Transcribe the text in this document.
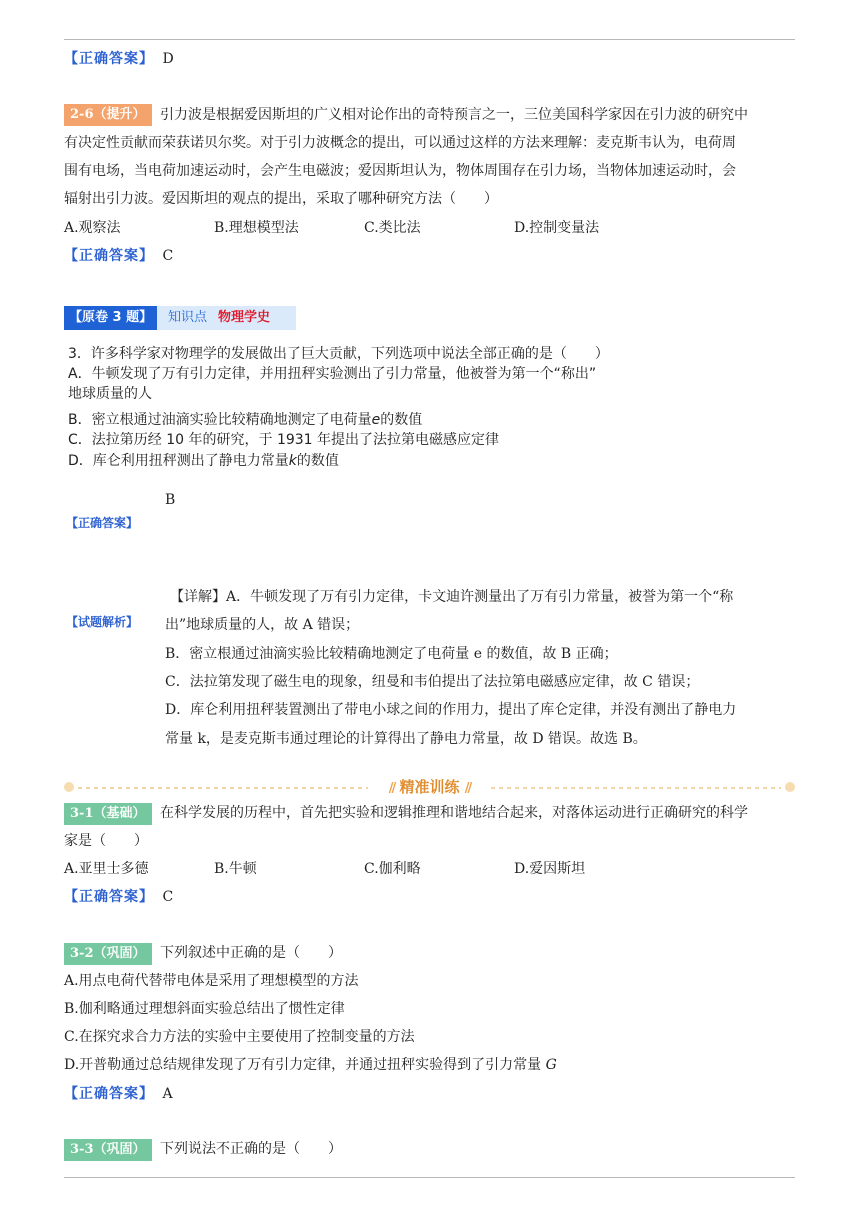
【正确答案】 D
2-6（提升）	引力波是根据爱因斯坦的广义相对论作出的奇特预言之一，三位美国科学家因在引力波的研究中
有决定性贡献而荣获诺贝尔奖。对于引力波概念的提出，可以通过这样的方法来理解：麦克斯韦认为，电荷周
围有电场，当电荷加速运动时，会产生电磁波；爱因斯坦认为，物体周围存在引力场，当物体加速运动时，会
辐射出引力波。爱因斯坦的观点的提出，采取了哪种研究方法（　　）
A.观察法	B.理想模型法	C.类比法	D.控制变量法
【正确答案】 C
【原卷 3 题】	知识点 物理学史
3．许多科学家对物理学的发展做出了巨大贡献，下列选项中说法全部正确的是（　　）
A．牛顿发现了万有引力定律，并用扭秤实验测出了引力常量，他被誉为第一个“称出”
地球质量的人
B．密立根通过油滴实验比较精确地测定了电荷量e的数值
C．法拉第历经 10 年的研究，于 1931 年提出了法拉第电磁感应定律
D．库仑利用扭秤测出了静电力常量k的数值
B
【正确答案】
【试题解析】
【详解】A．牛顿发现了万有引力定律，卡文迪许测量出了万有引力常量，被誉为第一个“称
出”地球质量的人，故 A 错误；
B．密立根通过油滴实验比较精确地测定了电荷量 e 的数值，故 B 正确；
C．法拉第发现了磁生电的现象，纽曼和韦伯提出了法拉第电磁感应定律，故 C 错误；
D．库仑利用扭秤装置测出了带电小球之间的作用力，提出了库仑定律，并没有测出了静电力
常量 k，是麦克斯韦通过理论的计算得出了静电力常量，故 D 错误。故选 B。
// 精准训练 //
3-1（基础）	在科学发展的历程中，首先把实验和逻辑推理和谐地结合起来，对落体运动进行正确研究的科学
家是（　　）
A.亚里士多德	B.牛顿	C.伽利略	D.爱因斯坦
【正确答案】 C
3-2（巩固）	下列叙述中正确的是（　　）
A.用点电荷代替带电体是采用了理想模型的方法
B.伽利略通过理想斜面实验总结出了惯性定律
C.在探究求合力方法的实验中主要使用了控制变量的方法
D.开普勒通过总结规律发现了万有引力定律，并通过扭秤实验得到了引力常量 G
【正确答案】 A
3-3（巩固）	下列说法不正确的是（　　）
